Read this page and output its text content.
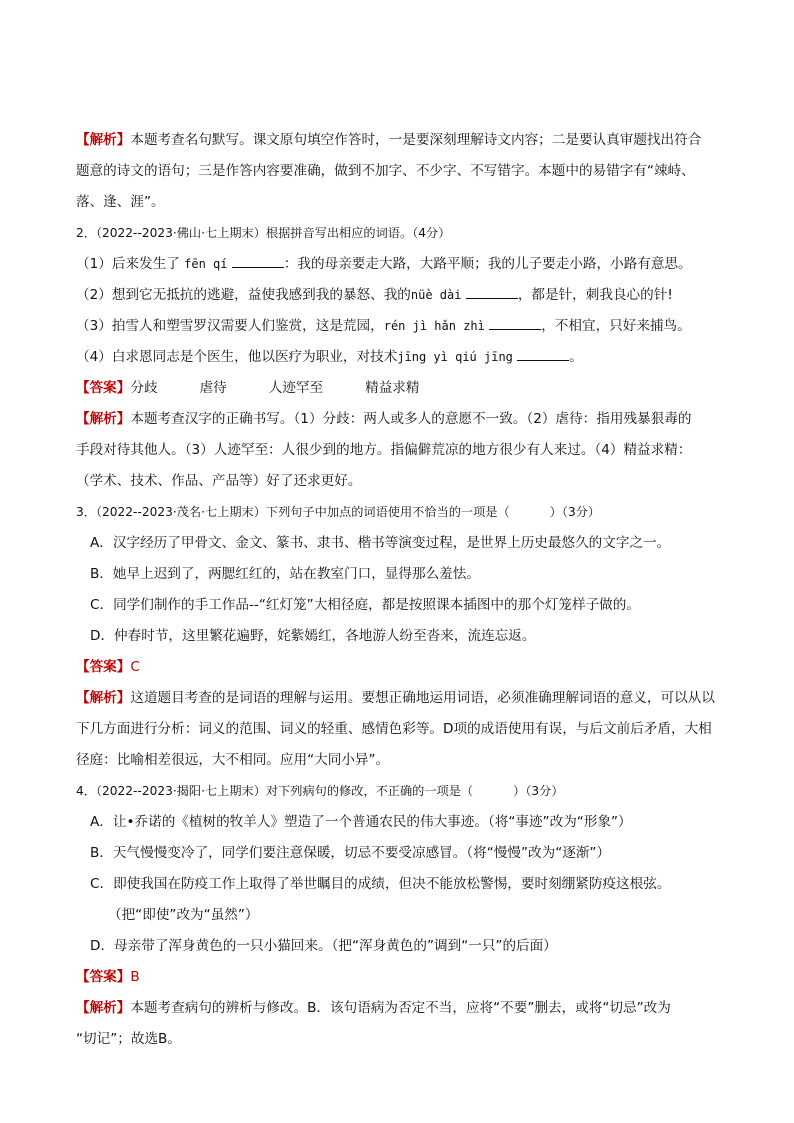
【解析】本题考查名句默写。课文原句填空作答时，一是要深刻理解诗文内容；二是要认真审题找出符合
题意的诗文的语句；三是作答内容要准确，做到不加字、不少字、不写错字。本题中的易错字有“竦峙、
落、逢、涯”。
2．（2022--2023·佛山·七上期末）根据拼音写出相应的词语。（4分）
（1）后来发生了 fēn qí	：我的母亲要走大路，大路平顺；我的儿子要走小路，小路有意思。
（2）想到它无抵抗的逃避，益使我感到我的暴怒、我的nüè dài	，都是针，刺我良心的针!
（3）拍雪人和塑雪罗汉需要人们鉴赏，这是荒园，rén jì hǎn zhì	，不相宜，只好来捕鸟。
（4）白求恩同志是个医生，他以医疗为职业，对技术jīng yì qiú jīng	。
【答案】分歧	虐待	人迹罕至	精益求精
【解析】本题考查汉字的正确书写。（1）分歧：两人或多人的意愿不一致。（2）虐待：指用残暴狠毒的
手段对待其他人。（3）人迹罕至：人很少到的地方。指偏僻荒凉的地方很少有人来过。（4）精益求精：
（学术、技术、作品、产品等）好了还求更好。
3．（2022--2023·茂名·七上期末）下列句子中加点的词语使用不恰当的一项是（	）（3分）
A．汉字经历了甲骨文、金文、篆书、隶书、楷书等演变过程，是世界上历史最悠久的文字之一。
B．她早上迟到了，两腮红红的，站在教室门口，显得那么羞怯。
C．同学们制作的手工作品--“红灯笼”大相径庭，都是按照课本插图中的那个灯笼样子做的。
D．仲春时节，这里繁花遍野，姹紫嫣红，各地游人纷至沓来，流连忘返。
【答案】C
【解析】这道题目考查的是词语的理解与运用。要想正确地运用词语，必须准确理解词语的意义，可以从以
下几方面进行分析：词义的范围、词义的轻重、感情色彩等。D项的成语使用有误，与后文前后矛盾，大相
径庭：比喻相差很远，大不相同。应用“大同小异”。
4．（2022--2023·揭阳·七上期末）对下列病句的修改，不正确的一项是（	）（3分）
A．让•乔诺的《植树的牧羊人》塑造了一个普通农民的伟大事迹。（将“事迹”改为“形象”）
B．天气慢慢变冷了，同学们要注意保暖，切忌不要受凉感冒。（将“慢慢”改为“逐渐”）
C．即使我国在防疫工作上取得了举世瞩目的成绩，但决不能放松警惕，要时刻绷紧防疫这根弦。
（把“即使”改为“虽然”）
D．母亲带了浑身黄色的一只小猫回来。（把“浑身黄色的”调到“一只”的后面）
【答案】B
【解析】本题考查病句的辨析与修改。B．该句语病为否定不当，应将“不要”删去，或将“切忌”改为
“切记”；故选B。
